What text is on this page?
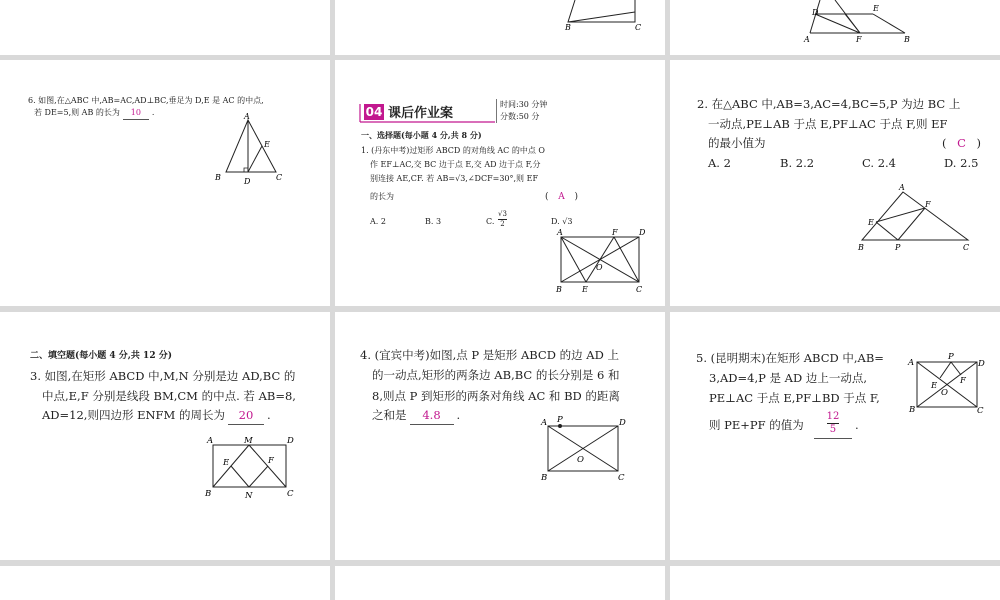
B	C
D	E
A	F	B
6. 如图,在△ABC 中,AB=AC,AD⊥BC,垂足为 D,E 是 AC 的中点,
若 DE=5,则 AB 的长为 10 .	A
B	C
D
E
04 课后作业案
时间:30 分钟
分数:50 分
一、选择题(每小题 4 分,共 8 分)
1. (丹东中考)过矩形 ABCD 的对角线 AC 的中点 O
作 EF⊥AC,交 BC 边于点 E,交 AD 边于点 F,分
别连接 AE,CF. 若 AB=√3,∠DCF=30°,则 EF
的长为	( A )
A. 2	B. 3	C. $\frac{√3}{2}$	D. √3
A	F	D
O
B	E	C
2. 在△ABC 中,AB=3,AC=4,BC=5,P 为边 BC 上
一动点,PE⊥AB 于点 E,PF⊥AC 于点 F,则 EF
的最小值为	( C )
A. 2	B. 2.2	C. 2.4	D. 2.5
A
E
F
B	P	C
二、填空题(每小题 4 分,共 12 分)
3. 如图,在矩形 ABCD 中,M,N 分别是边 AD,BC 的
中点,E,F 分别是线段 BM,CM 的中点. 若 AB=8,
AD=12,则四边形 ENFM 的周长为 20 .
A	M	D
E	F
B	N	C
4. (宜宾中考)如图,点 P 是矩形 ABCD 的边 AD 上
的一动点,矩形的两条边 AB,BC 的长分别是 6 和
8,则点 P 到矩形的两条对角线 AC 和 BD 的距离
之和是 4.8 .
A P	D
O
B	C
5. (昆明期末)在矩形 ABCD 中,AB=
3,AD=4,P 是 AD 边上一动点,
PE⊥AC 于点 E,PF⊥BD 于点 F,
则 PE+PF 的值为 $\frac{12}{5}$ .
A
P
D
E	F
O
B	C
